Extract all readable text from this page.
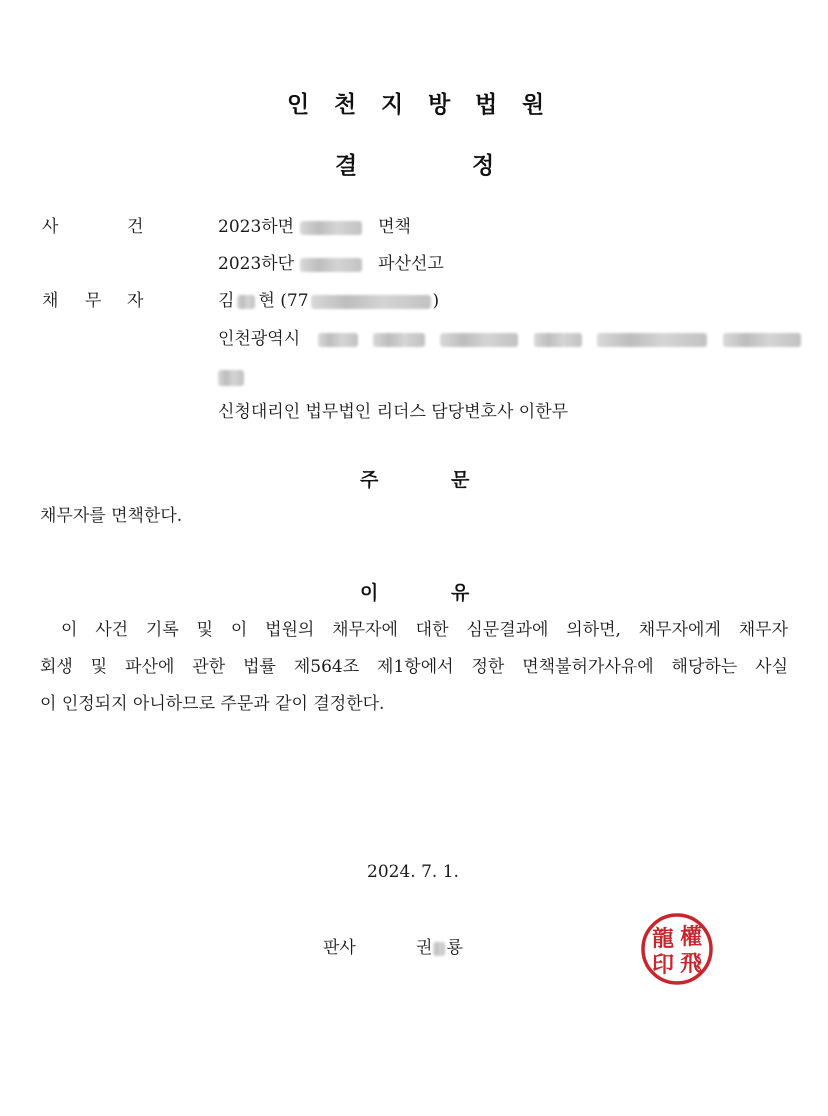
인 천 지 방 법 원
결	정
사	건	2023하면	면책
2023하단	파산선고
채 무 자	김 현 (77	)
인천광역시
신청대리인 법무법인 리더스 담당변호사 이한무
주	문
채무자를 면책한다.
이	유
이 사건 기록 및 이 법원의 채무자에 대한 심문결과에 의하면, 채무자에게 채무자
회생 및 파산에 관한 법률 제564조 제1항에서 정한 면책불허가사유에 해당하는 사실
이 인정되지 아니하므로 주문과 같이 결정한다.
2024. 7. 1.
판사	권 룡	龍 權
印 飛
